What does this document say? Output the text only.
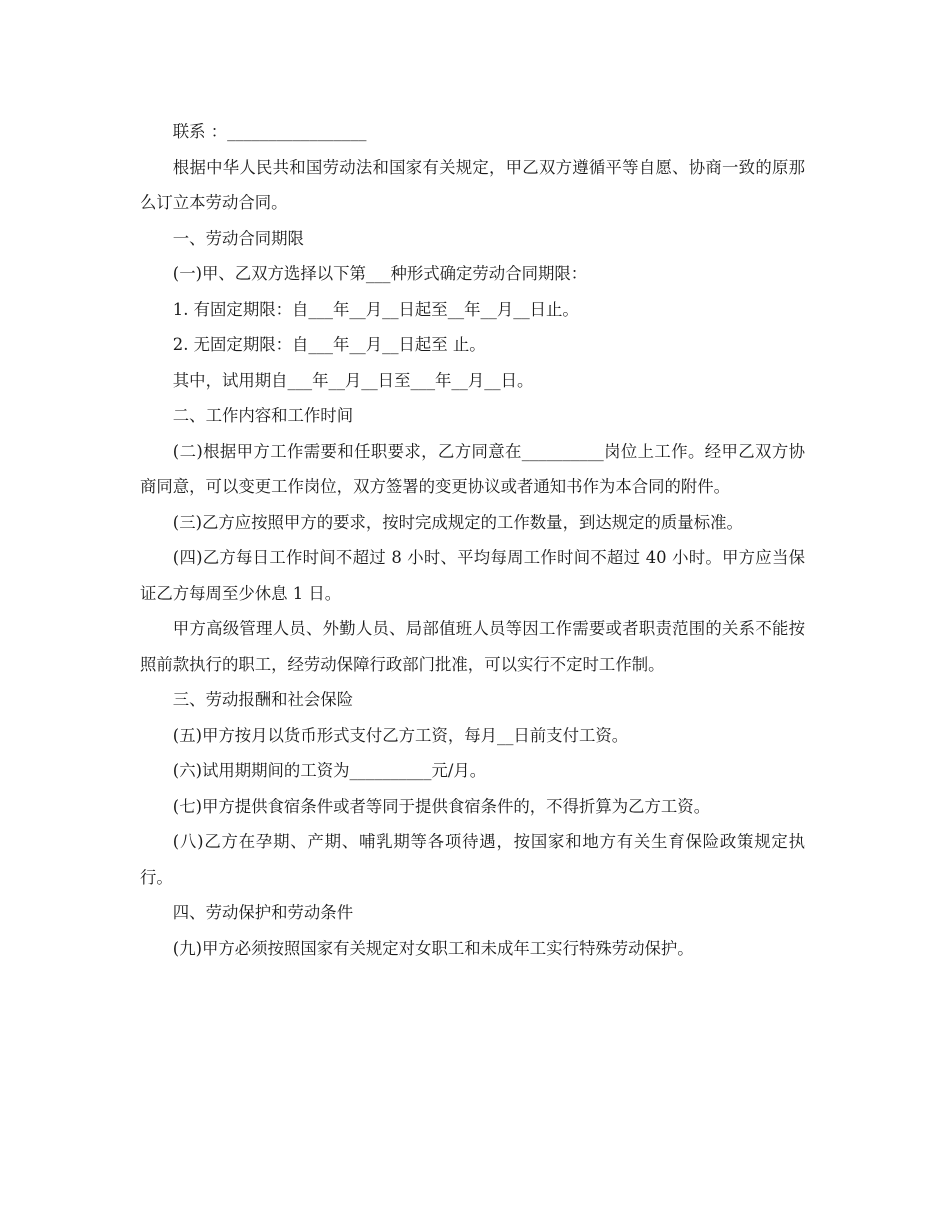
联系 ：_________________

根据中华人民共和国劳动法和国家有关规定，甲乙双方遵循平等自愿、协商一致的原那么订立本劳动合同。

一、劳动合同期限

(一)甲、乙双方选择以下第___种形式确定劳动合同期限：

1. 有固定期限：自___年__月__日起至__年__月__日止。

2. 无固定期限：自___年__月__日起至 止。

其中，试用期自___年__月__日至___年__月__日。

二、工作内容和工作时间

(二)根据甲方工作需要和任职要求，乙方同意在__________岗位上工作。经甲乙双方协商同意，可以变更工作岗位，双方签署的变更协议或者通知书作为本合同的附件。

(三)乙方应按照甲方的要求，按时完成规定的工作数量，到达规定的质量标准。

(四)乙方每日工作时间不超过 8 小时、平均每周工作时间不超过 40 小时。甲方应当保证乙方每周至少休息 1 日。

甲方高级管理人员、外勤人员、局部值班人员等因工作需要或者职责范围的关系不能按照前款执行的职工，经劳动保障行政部门批准，可以实行不定时工作制。

三、劳动报酬和社会保险

(五)甲方按月以货币形式支付乙方工资，每月__日前支付工资。

(六)试用期期间的工资为__________元/月。

(七)甲方提供食宿条件或者等同于提供食宿条件的，不得折算为乙方工资。

(八)乙方在孕期、产期、哺乳期等各项待遇，按国家和地方有关生育保险政策规定执行。

四、劳动保护和劳动条件

(九)甲方必须按照国家有关规定对女职工和未成年工实行特殊劳动保护。
